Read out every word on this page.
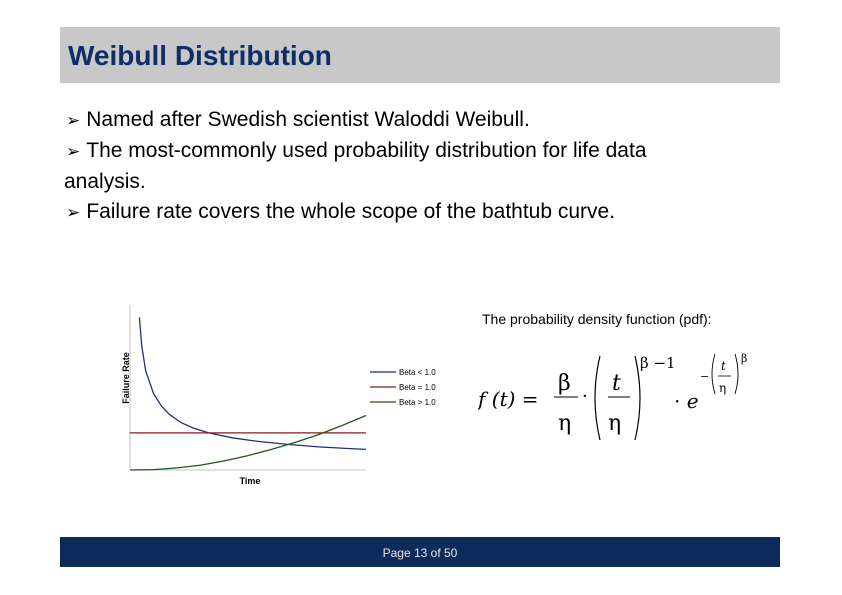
Weibull Distribution

➢ Named after Swedish scientist Waloddi Weibull.

➢ The most-commonly used probability distribution for life data
analysis.

➢ Failure rate covers the whole scope of the bathtub curve.

Beta < 1.0
Beta = 1.0
Beta > 1.0
Time
Failure Rate
The probability density function (pdf):
f (t) =
β
η
·
t
η
β −1
· e
−
t
η
β
Page 13 of 50
